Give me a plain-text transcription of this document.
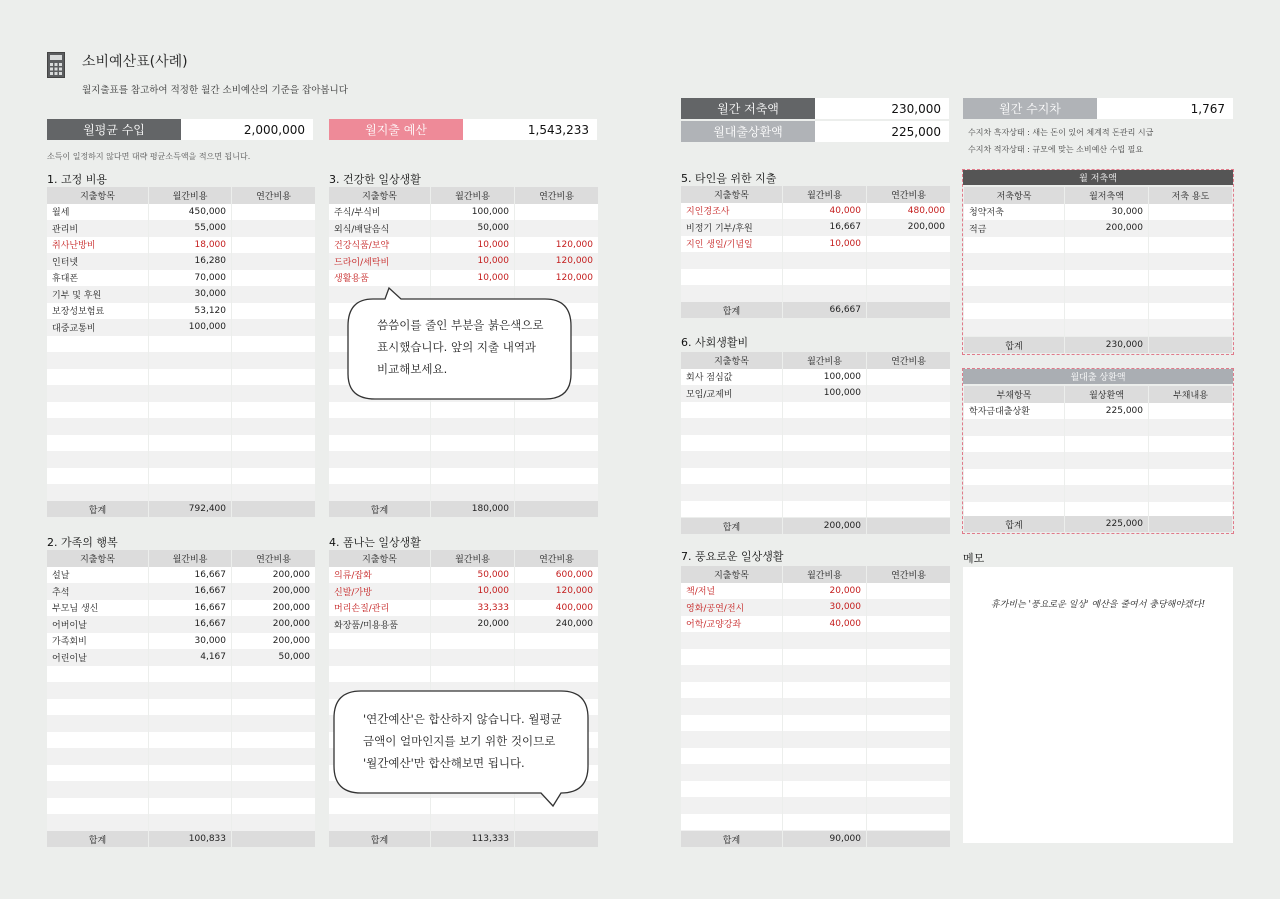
소비예산표(사례)
월지출표를 참고하여 적정한 월간 소비예산의 기준을 잡아봅니다
월평균 수입	2,000,000	월지출 예산	1,543,233
소득이 일정하지 않다면 대략 평균소득액을 적으면 됩니다.
월간 저축액	230,000
월대출상환액	225,000
월간 수지차	1,767
수지차 흑자상태 : 새는 돈이 있어 체계적 돈관리 시급
수지차 적자상태 : 규모에 맞는 소비예산 수립 필요
1. 고정 비용	3. 건강한 일상생활
2. 가족의 행복	4. 폼나는 일상생활
5. 타인을 위한 지출
6. 사회생활비
7. 풍요로운 일상생활	메모
지출항목	월간비용	연간비용
월세	450,000
관리비	55,000
취사난방비	18,000
인터넷	16,280
휴대폰	70,000
기부 및 후원	30,000
보장성보험료	53,120
대중교통비	100,000
합계	792,400
지출항목	월간비용	연간비용
주식/부식비	100,000
외식/배달음식	50,000
건강식품/보약	10,000	120,000
드라이/세탁비	10,000	120,000
생활용품	10,000	120,000
합계	180,000
지출항목	월간비용	연간비용
설날	16,667	200,000
추석	16,667	200,000
부모님 생신	16,667	200,000
어버이날	16,667	200,000
가족회비	30,000	200,000
어린이날	4,167	50,000
합계	100,833
지출항목	월간비용	연간비용
의류/잡화	50,000	600,000
신발/가방	10,000	120,000
머리손질/관리	33,333	400,000
화장품/미용용품	20,000	240,000
합계	113,333
지출항목	월간비용	연간비용
지인경조사	40,000	480,000
비정기 기부/후원	16,667	200,000
지인 생일/기념일	10,000
합계	66,667
지출항목	월간비용	연간비용
회사 점심값	100,000
모임/교제비	100,000
합계	200,000
지출항목	월간비용	연간비용
책/저널	20,000
영화/공연/전시	30,000
어학/교양강좌	40,000
합계	90,000
월 저축액
저축항목	월저축액	저축 용도
청약저축	30,000
적금	200,000
합계	230,000
월대출 상환액
부채항목	월상환액	부채내용
학자금대출상환	225,000
합계	225,000
휴가비는 '풍요로운 일상' 예산을 줄여서 충당해야겠다!
씀씀이를 줄인 부분을 붉은색으로
표시했습니다. 앞의 지출 내역과
비교해보세요.
'연간예산'은 합산하지 않습니다. 월평균
금액이 얼마인지를 보기 위한 것이므로
'월간예산'만 합산해보면 됩니다.
